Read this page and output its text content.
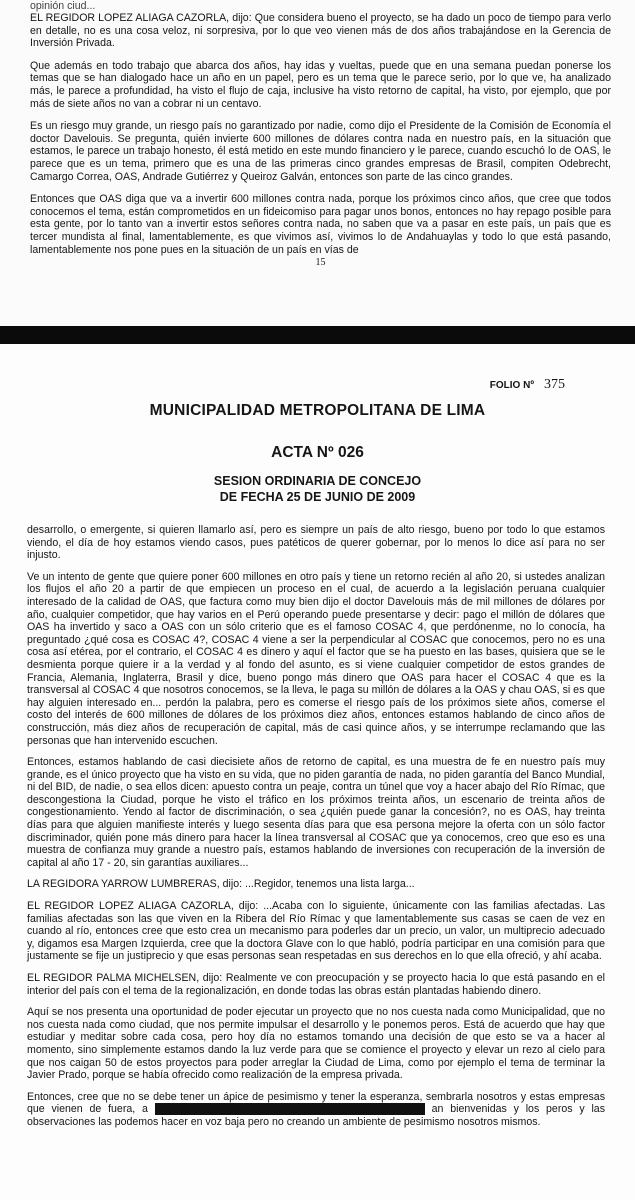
opinión ciud...

EL REGIDOR LOPEZ ALIAGA CAZORLA, dijo: Que considera bueno el proyecto, se ha dado un poco de tiempo para verlo en detalle, no es una cosa veloz, ni sorpresiva, por lo que veo vienen más de dos años trabajándose en la Gerencia de Inversión Privada.

Que además en todo trabajo que abarca dos años, hay idas y vueltas, puede que en una semana puedan ponerse los temas que se han dialogado hace un año en un papel, pero es un tema que le parece serio, por lo que ve, ha analizado más, le parece a profundidad, ha visto el flujo de caja, inclusive ha visto retorno de capital, ha visto, por ejemplo, que por más de siete años no van a cobrar ni un centavo.

Es un riesgo muy grande, un riesgo país no garantizado por nadie, como dijo el Presidente de la Comisión de Economía el doctor Davelouis. Se pregunta, quién invierte 600 millones de dólares contra nada en nuestro país, en la situación que estamos, le parece un trabajo honesto, él está metido en este mundo financiero y le parece, cuando escuchó lo de OAS, le parece que es un tema, primero que es una de las primeras cinco grandes empresas de Brasil, compiten Odebrecht, Camargo Correa, OAS, Andrade Gutiérrez y Queiroz Galván, entonces son parte de las cinco grandes.

Entonces que OAS diga que va a invertir 600 millones contra nada, porque los próximos cinco años, que cree que todos conocemos el tema, están comprometidos en un fideicomiso para pagar unos bonos, entonces no hay repago posible para esta gente, por lo tanto van a invertir estos señores contra nada, no saben que va a pasar en este país, un país que es tercer mundista al final, lamentablemente, es que vivimos así, vivimos lo de Andahuaylas y todo lo que está pasando, lamentablemente nos pone pues en la situación de un país en vías de

15
FOLIO Nº 375
MUNICIPALIDAD METROPOLITANA DE LIMA
ACTA Nº 026
SESION ORDINARIA DE CONCEJO
DE FECHA 25 DE JUNIO DE 2009

desarrollo, o emergente, si quieren llamarlo así, pero es siempre un país de alto riesgo, bueno por todo lo que estamos viendo, el día de hoy estamos viendo casos, pues patéticos de querer gobernar, por lo menos lo dice así para no ser injusto.

Ve un intento de gente que quiere poner 600 millones en otro país y tiene un retorno recién al año 20, si ustedes analizan los flujos el año 20 a partir de que empiecen un proceso en el cual, de acuerdo a la legislación peruana cualquier interesado de la calidad de OAS, que factura como muy bien dijo el doctor Davelouis más de mil millones de dólares por año, cualquier competidor, que hay varios en el Perú operando puede presentarse y decir: pago el millón de dólares que OAS ha invertido y saco a OAS con un sólo criterio que es el famoso COSAC 4, que perdónenme, no lo conocía, ha preguntado ¿qué cosa es COSAC 4?, COSAC 4 viene a ser la perpendicular al COSAC que conocemos, pero no es una cosa así etérea, por el contrario, el COSAC 4 es dinero y aquí el factor que se ha puesto en las bases, quisiera que se le desmienta porque quiere ir a la verdad y al fondo del asunto, es si viene cualquier competidor de estos grandes de Francia, Alemania, Inglaterra, Brasil y dice, bueno pongo más dinero que OAS para hacer el COSAC 4 que es la transversal al COSAC 4 que nosotros conocemos, se la lleva, le paga su millón de dólares a la OAS y chau OAS, si es que hay alguien interesado en... perdón la palabra, pero es comerse el riesgo país de los próximos siete años, comerse el costo del interés de 600 millones de dólares de los próximos diez años, entonces estamos hablando de cinco años de construcción, más diez años de recuperación de capital, más de casi quince años, y se interrumpe reclamando que las personas que han intervenido escuchen.

Entonces, estamos hablando de casi diecisiete años de retorno de capital, es una muestra de fe en nuestro país muy grande, es el único proyecto que ha visto en su vida, que no piden garantía de nada, no piden garantía del Banco Mundial, ni del BID, de nadie, o sea ellos dicen: apuesto contra un peaje, contra un túnel que voy a hacer abajo del Río Rímac, que descongestiona la Ciudad, porque he visto el tráfico en los próximos treinta años, un escenario de treinta años de congestionamiento. Yendo al factor de discriminación, o sea ¿quién puede ganar la concesión?, no es OAS, hay treinta días para que alguien manifieste interés y luego sesenta días para que esa persona mejore la oferta con un sólo factor discriminador, quién pone más dinero para hacer la línea transversal al COSAC que ya conocemos, creo que eso es una muestra de confianza muy grande a nuestro país, estamos hablando de inversiones con recuperación de la inversión de capital al año 17 - 20, sin garantías auxiliares...

LA REGIDORA YARROW LUMBRERAS, dijo: ...Regidor, tenemos una lista larga...

EL REGIDOR LOPEZ ALIAGA CAZORLA, dijo: ...Acaba con lo siguiente, únicamente con las familias afectadas. Las familias afectadas son las que viven en la Ribera del Río Rímac y que lamentablemente sus casas se caen de vez en cuando al río, entonces cree que esto crea un mecanismo para poderles dar un precio, un valor, un multiprecio adecuado y, digamos esa Margen Izquierda, cree que la doctora Glave con lo que habló, podría participar en una comisión para que justamente se fije un justiprecio y que esas personas sean respetadas en sus derechos en lo que ella ofreció, y ahí acaba.

EL REGIDOR PALMA MICHELSEN, dijo: Realmente ve con preocupación y se proyecto hacia lo que está pasando en el interior del país con el tema de la regionalización, en donde todas las obras están plantadas habiendo dinero.

Aquí se nos presenta una oportunidad de poder ejecutar un proyecto que no nos cuesta nada como Municipalidad, que no nos cuesta nada como ciudad, que nos permite impulsar el desarrollo y le ponemos peros. Está de acuerdo que hay que estudiar y meditar sobre cada cosa, pero hoy día no estamos tomando una decisión de que esto se va a hacer al momento, sino simplemente estamos dando la luz verde para que se comience el proyecto y elevar un rezo al cielo para que nos caigan 50 de estos proyectos para poder arreglar la Ciudad de Lima, como por ejemplo el tema de terminar la Javier Prado, porque se había ofrecido como realización de la empresa privada.

Entonces, cree que no se debe tener un ápice de pesimismo y tener la esperanza, sembrarla nosotros y estas empresas que vienen de fuera, a	an bienvenidas y los peros y las observaciones las podemos hacer en voz baja pero no creando un ambiente de pesimismo nosotros mismos.
